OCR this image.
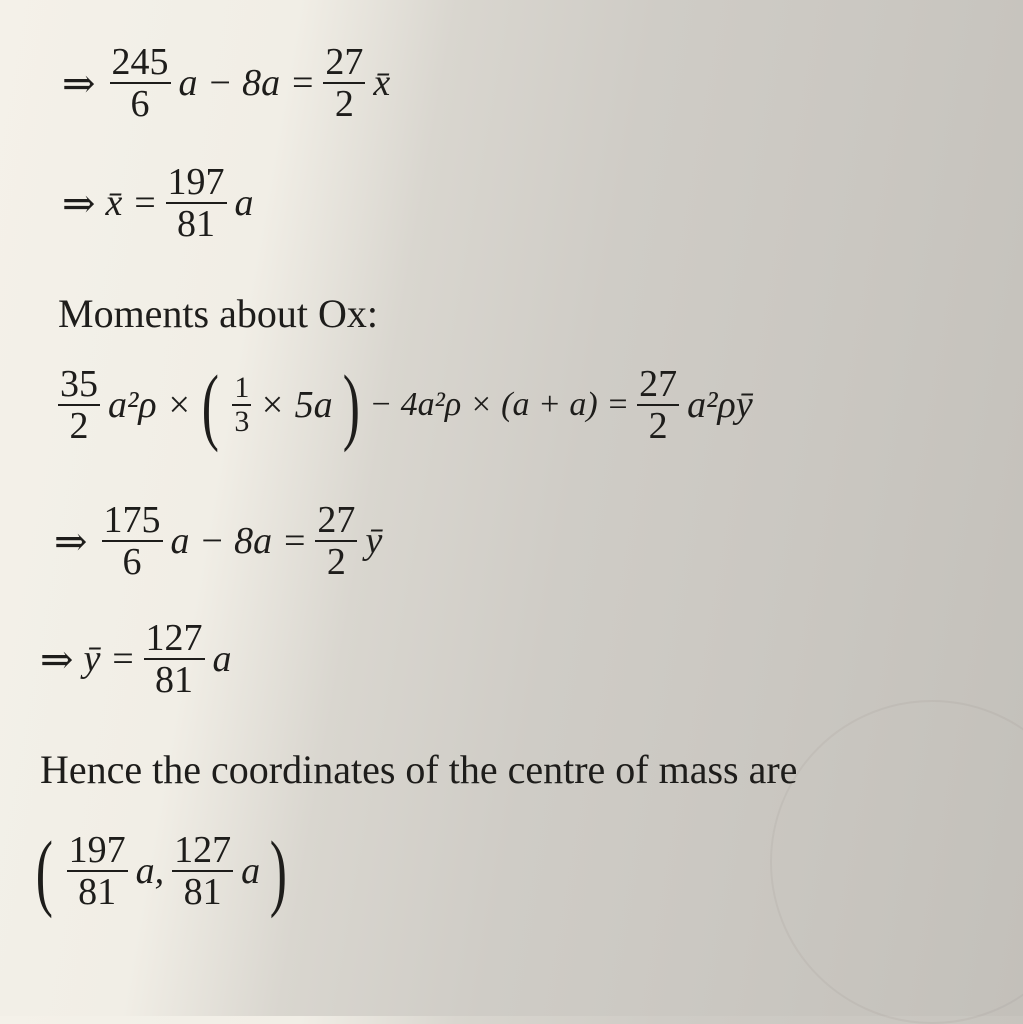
⇒ $\frac{245}{6}$ $a - 8a = \frac{27}{2}$ x̄
⇒ x̄ = $\frac{197}{81}$ a
Moments about Ox:
$\frac{35}{2} a^2\rho$ × ( $\frac{1}{3} \times 5a$ ) − $4a^2\rho \times (a + a) = \frac{27}{2}$ a²ρȳ
⇒ $\frac{175}{6}$ $a - 8a = \frac{27}{2}$ ȳ
⇒ ȳ = $\frac{127}{81}$ a
Hence the coordinates of the centre of mass are
( $\frac{197}{81} a$, $\frac{127}{81}$ a )
